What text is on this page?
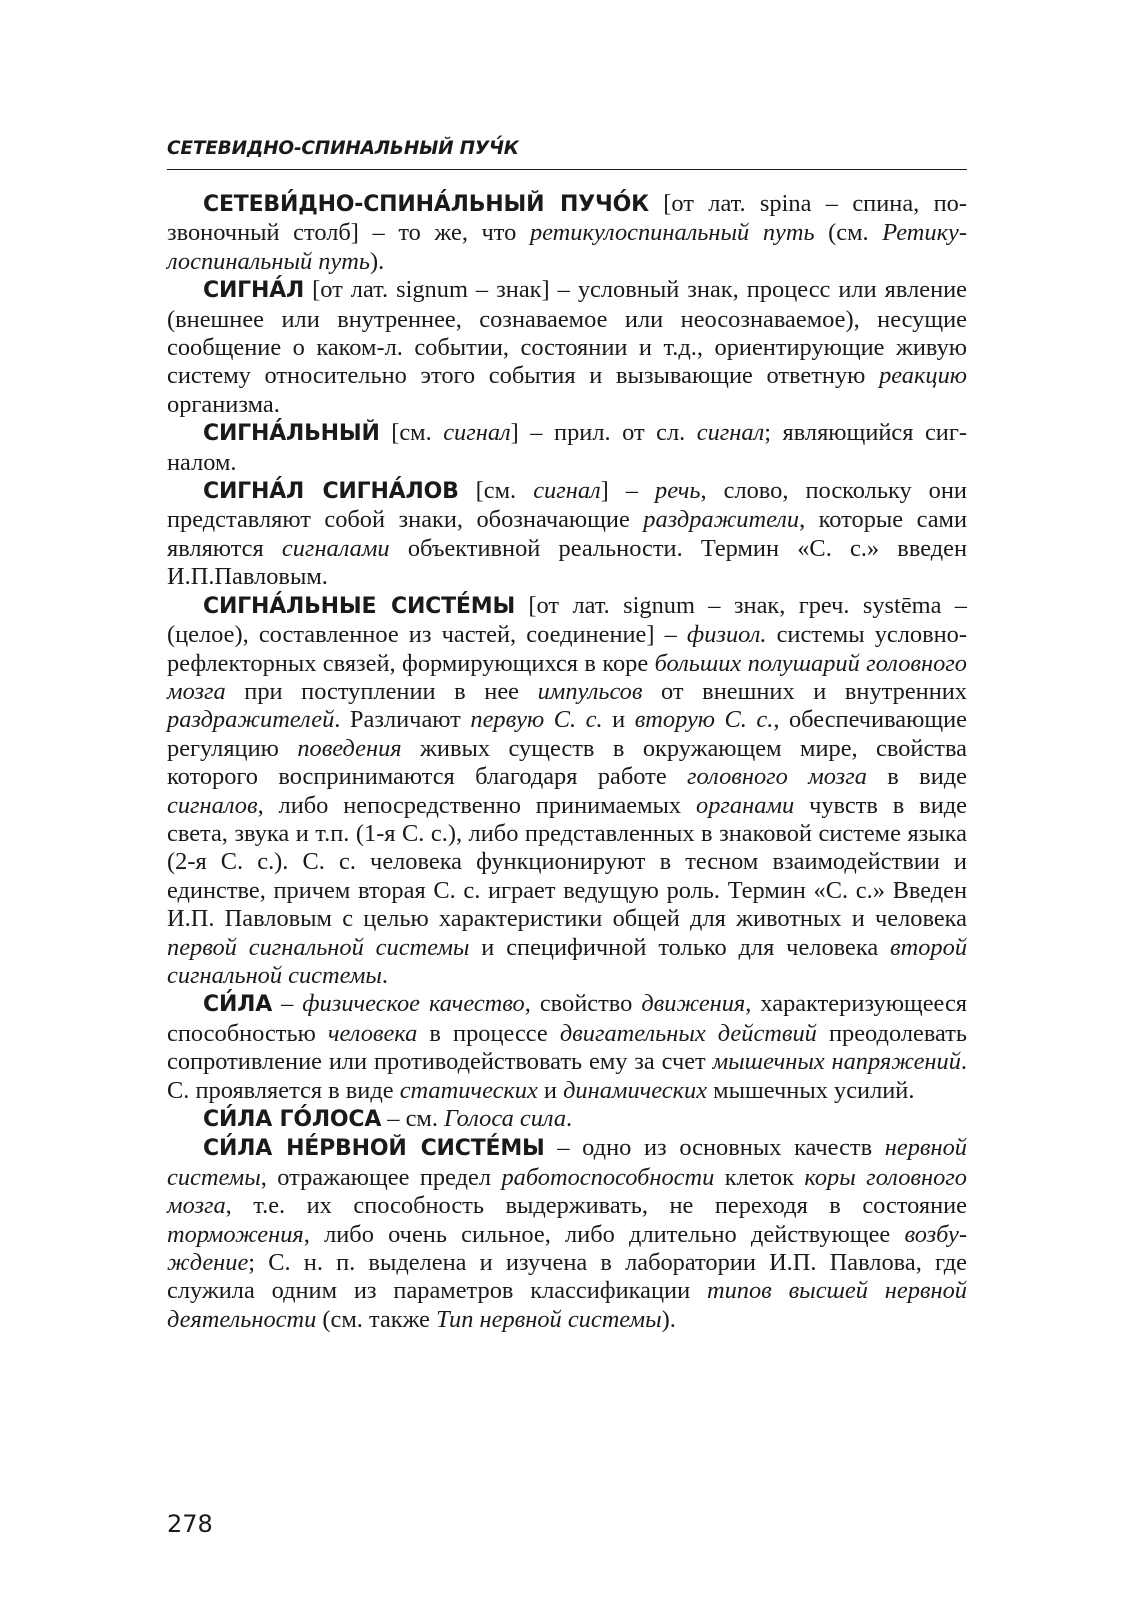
СЕТЕВИДНО-СПИНАЛЬНЫЙ ПУЧ́К

СЕТЕВИ́ДНО-СПИНА́ЛЬНЫЙ ПУЧО́К [от лат. spina – спина, позвоночный столб] – то же, что ретикулоспинальный путь (см. Ретикулоспинальный путь).

СИГНА́Л [от лат. signum – знак] – условный знак, процесс или явление (внешнее или внутреннее, сознаваемое или неосознаваемое), несущие сообщение о каком-л. событии, состоянии и т.д., ориентирующие живую систему относительно этого события и вызывающие ответную реакцию организма.

СИГНА́ЛЬНЫЙ [см. сигнал] – прил. от сл. сигнал; являющийся сигналом.

СИГНА́Л СИГНА́ЛОВ [см. сигнал] – речь, слово, поскольку они представляют собой знаки, обозначающие раздражители, которые сами являются сигналами объективной реальности. Термин «С. с.» введен И.П.Павловым.

СИГНА́ЛЬНЫЕ СИСТЕ́МЫ [от лат. signum – знак, греч. systēma – (целое), составленное из частей, соединение] – физиол. системы условно-рефлекторных связей, формирующихся в коре больших полушарий головного мозга при поступлении в нее импульсов от внешних и внутренних раздражителей. Различают первую С. с. и вторую С. с., обеспечивающие регуляцию поведения живых существ в окружающем мире, свойства которого воспринимаются благодаря работе головного мозга в виде сигналов, либо непосредственно принимаемых органами чувств в виде света, звука и т.п. (1-я С. с.), либо представленных в знаковой системе языка (2-я С. с.). С. с. человека функционируют в тесном взаимодействии и единстве, причем вторая С. с. играет ведущую роль. Термин «С. с.» Введен И.П. Павловым с целью характеристики общей для животных и человека первой сигнальной системы и специфичной только для человека второй сигнальной системы.

СИ́ЛА – физическое качество, свойство движения, характеризующееся способностью человека в процессе двигательных действий преодолевать сопротивление или противодействовать ему за счет мышечных напряжений. С. проявляется в виде статических и динамических мышечных усилий.

СИ́ЛА ГО́ЛОСА – см. Голоса сила.

СИ́ЛА НЕ́РВНОЙ СИСТЕ́МЫ – одно из основных качеств нервной системы, отражающее предел работоспособности клеток коры головного мозга, т.е. их способность выдерживать, не переходя в состояние торможения, либо очень сильное, либо длительно действующее возбуждение; С. н. п. выделена и изучена в лаборатории И.П. Павлова, где служила одним из параметров классификации типов высшей нервной деятельности (см. также Тип нервной системы).

278
